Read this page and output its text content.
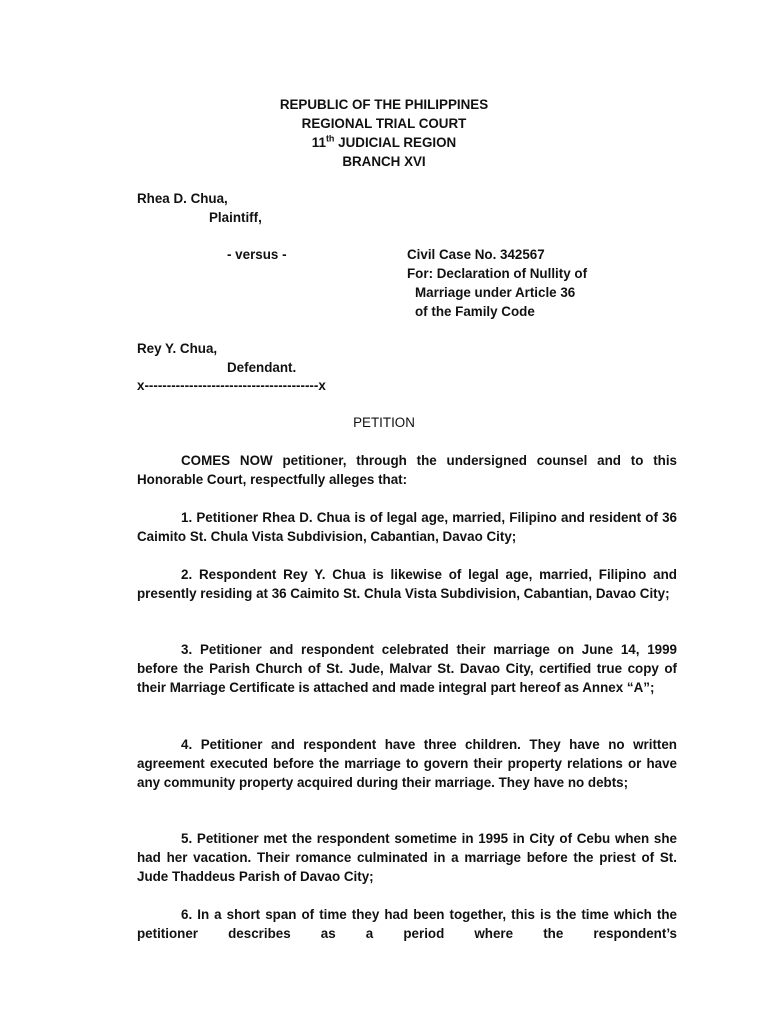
REPUBLIC OF THE PHILIPPINES
REGIONAL TRIAL COURT
11th JUDICIAL REGION
BRANCH XVI
Rhea D. Chua,
Plaintiff,
- versus -	Civil Case No. 342567
For: Declaration of Nullity of
Marriage under Article 36
of the Family Code
Rey Y. Chua,
Defendant.
x---------------------------------------x
PETITION
COMES NOW petitioner, through the undersigned counsel and to this Honorable Court, respectfully alleges that:
1. Petitioner Rhea D. Chua is of legal age, married, Filipino and resident of 36 Caimito St. Chula Vista Subdivision, Cabantian, Davao City;
2. Respondent Rey Y. Chua is likewise of legal age, married, Filipino and presently residing at 36 Caimito St. Chula Vista Subdivision, Cabantian, Davao City;
3. Petitioner and respondent celebrated their marriage on June 14, 1999 before the Parish Church of St. Jude, Malvar St. Davao City, certified true copy of their Marriage Certificate is attached and made integral part hereof as Annex “A”;
4. Petitioner and respondent have three children. They have no written agreement executed before the marriage to govern their property relations or have any community property acquired during their marriage. They have no debts;
5. Petitioner met the respondent sometime in 1995 in City of Cebu when she had her vacation. Their romance culminated in a marriage before the priest of St. Jude Thaddeus Parish of Davao City;
6. In a short span of time they had been together, this is the time which the petitioner describes as a period where the respondent’s
